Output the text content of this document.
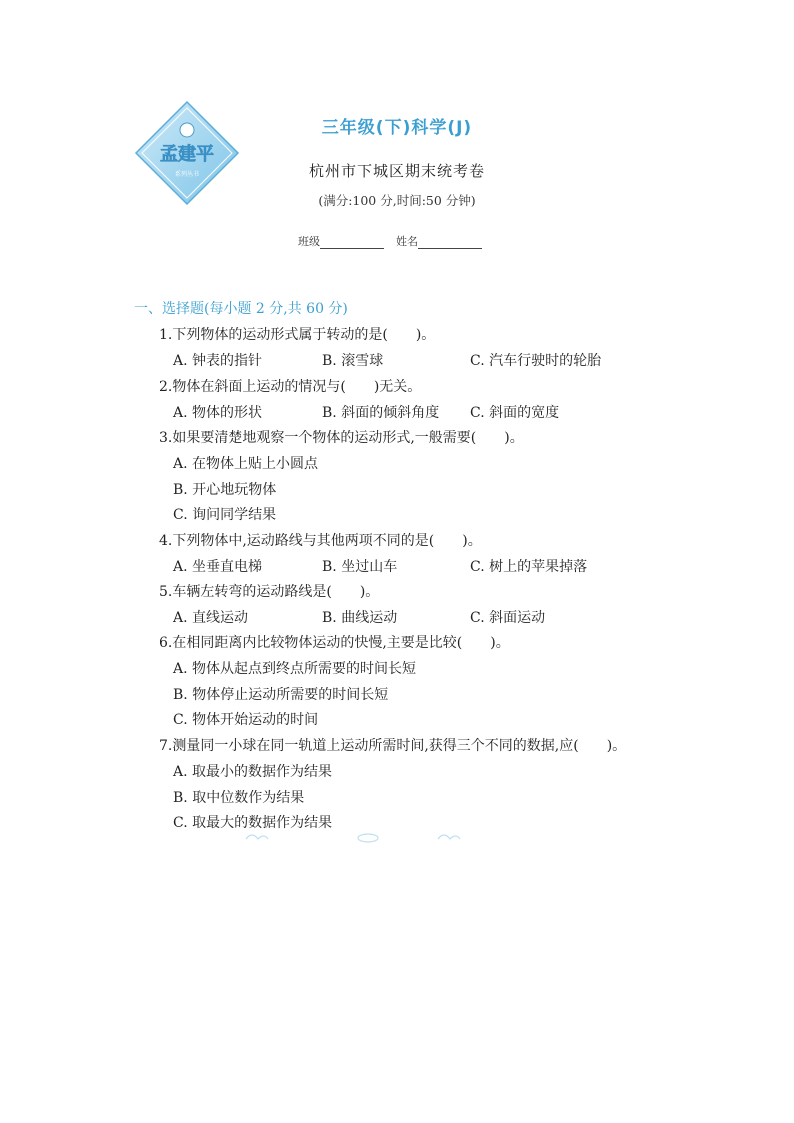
孟建平
系列丛书
三年级(下)科学(J)
杭州市下城区期末统考卷
(满分:100 分,时间:50 分钟)
班级	姓名
一、选择题(每小题 2 分,共 60 分)
1.下列物体的运动形式属于转动的是(　　)。
A. 钟表的指针	B. 滚雪球	C. 汽车行驶时的轮胎
2.物体在斜面上运动的情况与(　　)无关。
A. 物体的形状	B. 斜面的倾斜角度 C. 斜面的宽度
3.如果要清楚地观察一个物体的运动形式,一般需要(　　)。
A. 在物体上贴上小圆点
B. 开心地玩物体
C. 询问同学结果
4.下列物体中,运动路线与其他两项不同的是(　　)。
A. 坐垂直电梯	B. 坐过山车	C. 树上的苹果掉落
5.车辆左转弯的运动路线是(　　)。
A. 直线运动	B. 曲线运动	C. 斜面运动
6.在相同距离内比较物体运动的快慢,主要是比较(　　)。
A. 物体从起点到终点所需要的时间长短
B. 物体停止运动所需要的时间长短
C. 物体开始运动的时间
7.测量同一小球在同一轨道上运动所需时间,获得三个不同的数据,应(　　)。
A. 取最小的数据作为结果
B. 取中位数作为结果
C. 取最大的数据作为结果
